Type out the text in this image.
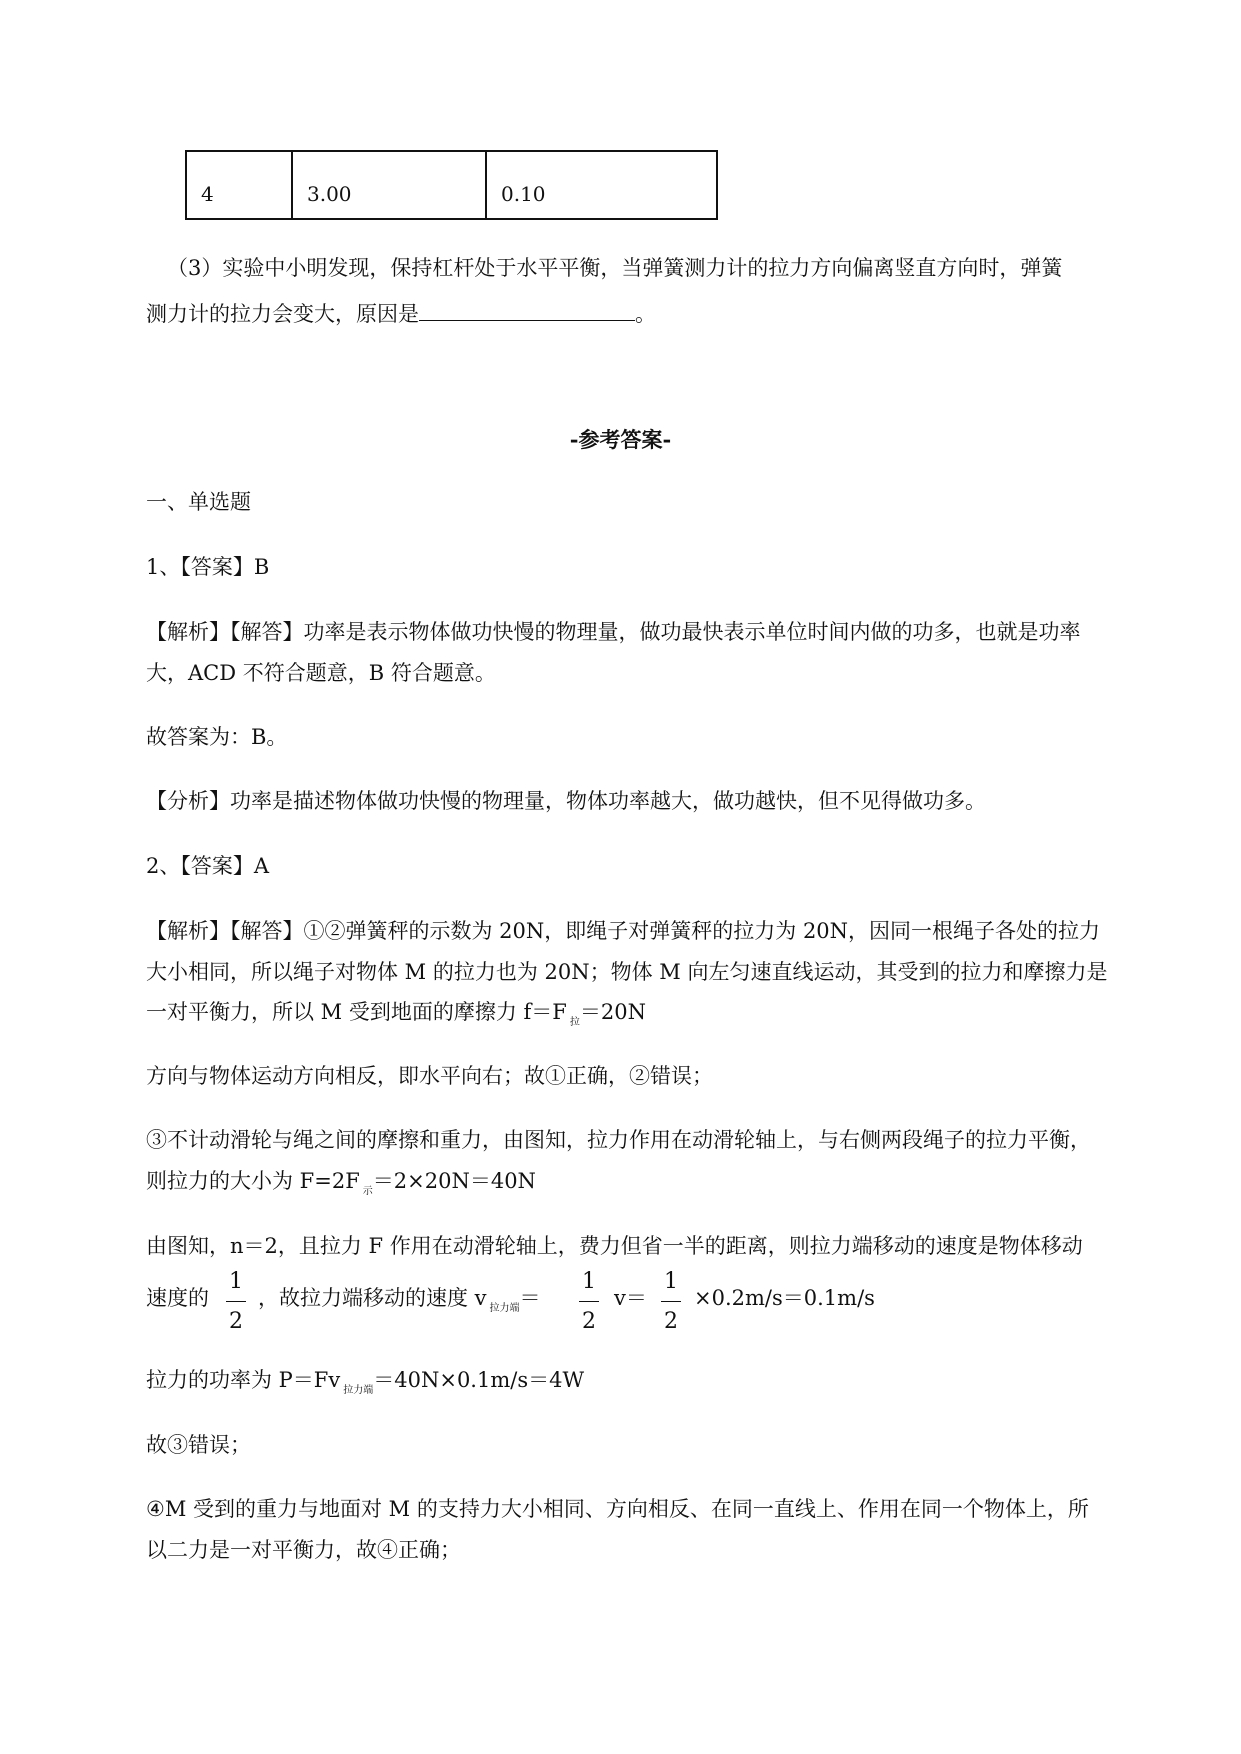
4	3.00	0.10
（3）实验中小明发现，保持杠杆处于水平平衡，当弹簧测力计的拉力方向偏离竖直方向时，弹簧
测力计的拉力会变大，原因是	。
-参考答案-
一、单选题
1、【答案】B
【解析】【解答】功率是表示物体做功快慢的物理量，做功最快表示单位时间内做的功多，也就是功率
大，ACD 不符合题意，B 符合题意。
故答案为：B。
【分析】功率是描述物体做功快慢的物理量，物体功率越大，做功越快，但不见得做功多。
2、【答案】A
【解析】【解答】①②弹簧秤的示数为 20N，即绳子对弹簧秤的拉力为 20N，因同一根绳子各处的拉力
大小相同，所以绳子对物体 M 的拉力也为 20N；物体 M 向左匀速直线运动，其受到的拉力和摩擦力是
一对平衡力，所以 M 受到地面的摩擦力 f＝F $_拉$＝20N
方向与物体运动方向相反，即水平向右；故①正确，②错误；
③不计动滑轮与绳之间的摩擦和重力，由图知，拉力作用在动滑轮轴上，与右侧两段绳子的拉力平衡，
则拉力的大小为 F=2F $_示$＝2×20N＝40N
由图知，n＝2，且拉力 F 作用在动滑轮轴上，费力但省一半的距离，则拉力端移动的速度是物体移动
速度的
1
2
，故拉力端移动的速度 v $_{拉力端}$＝
1
2
v＝
1
2
×0.2m/s＝0.1m/s
拉力的功率为 P＝Fv $_{拉力端}$＝40N×0.1m/s＝4W
故③错误；
④M 受到的重力与地面对 M 的支持力大小相同、方向相反、在同一直线上、作用在同一个物体上，所
以二力是一对平衡力，故④正确；
